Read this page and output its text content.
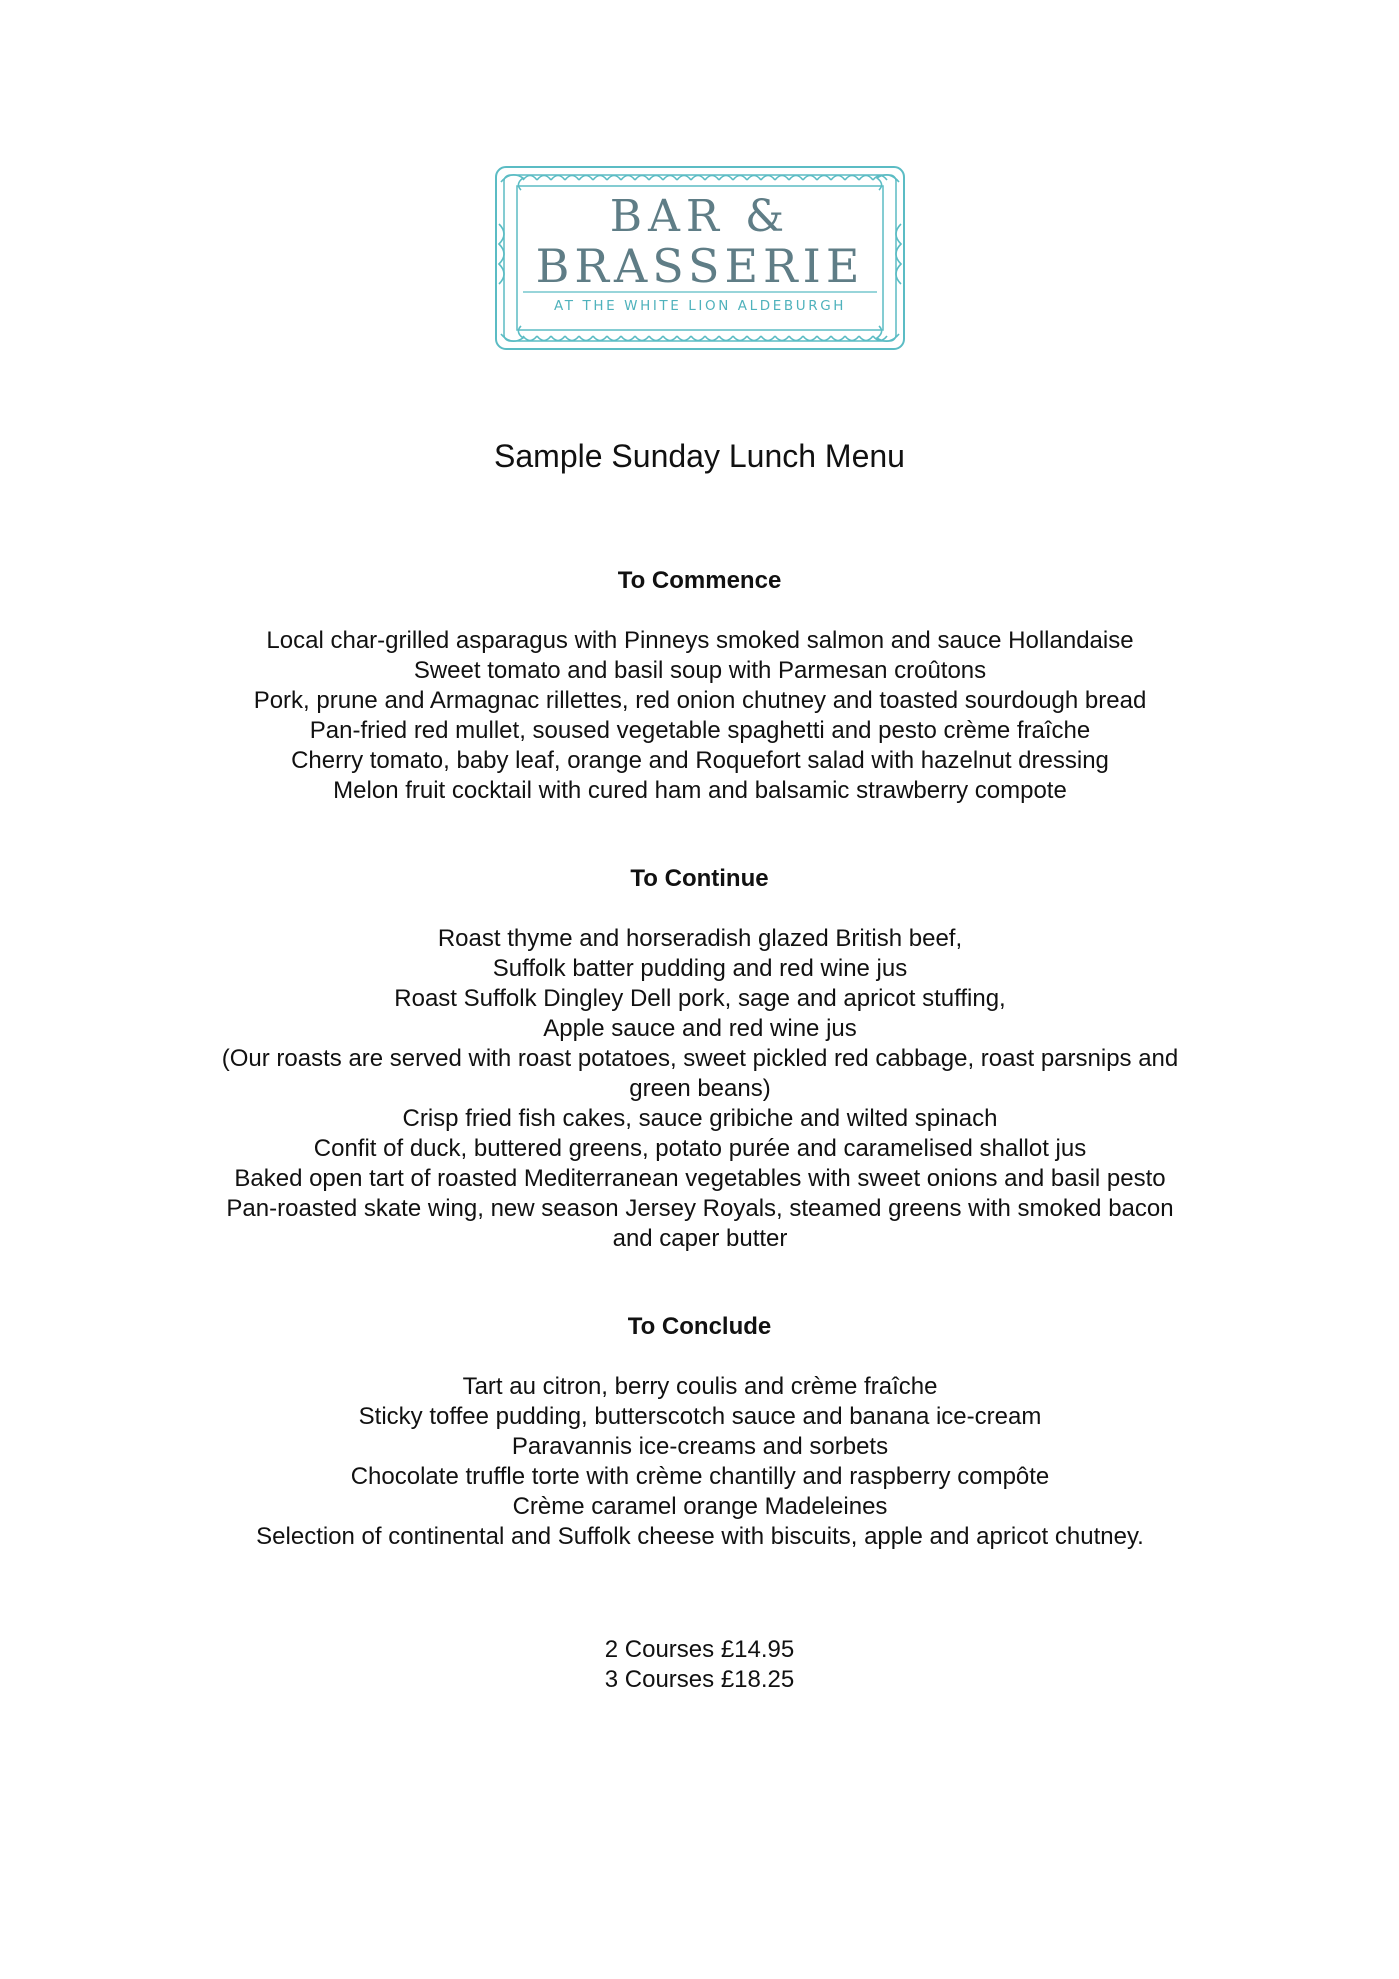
BAR &
BRASSERIE
AT THE WHITE LION ALDEBURGH
Sample Sunday Lunch Menu
To Commence
Local char-grilled asparagus with Pinneys smoked salmon and sauce Hollandaise
Sweet tomato and basil soup with Parmesan croûtons
Pork, prune and Armagnac rillettes, red onion chutney and toasted sourdough bread
Pan-fried red mullet, soused vegetable spaghetti and pesto crème fraîche
Cherry tomato, baby leaf, orange and Roquefort salad with hazelnut dressing
Melon fruit cocktail with cured ham and balsamic strawberry compote
To Continue
Roast thyme and horseradish glazed British beef,
Suffolk batter pudding and red wine jus
Roast Suffolk Dingley Dell pork, sage and apricot stuffing,
Apple sauce and red wine jus
(Our roasts are served with roast potatoes, sweet pickled red cabbage, roast parsnips and
green beans)
Crisp fried fish cakes, sauce gribiche and wilted spinach
Confit of duck, buttered greens, potato purée and caramelised shallot jus
Baked open tart of roasted Mediterranean vegetables with sweet onions and basil pesto
Pan-roasted skate wing, new season Jersey Royals, steamed greens with smoked bacon
and caper butter
To Conclude
Tart au citron, berry coulis and crème fraîche
Sticky toffee pudding, butterscotch sauce and banana ice-cream
Paravannis ice-creams and sorbets
Chocolate truffle torte with crème chantilly and raspberry compôte
Crème caramel orange Madeleines
Selection of continental and Suffolk cheese with biscuits, apple and apricot chutney.
2 Courses £14.95
3 Courses £18.25
